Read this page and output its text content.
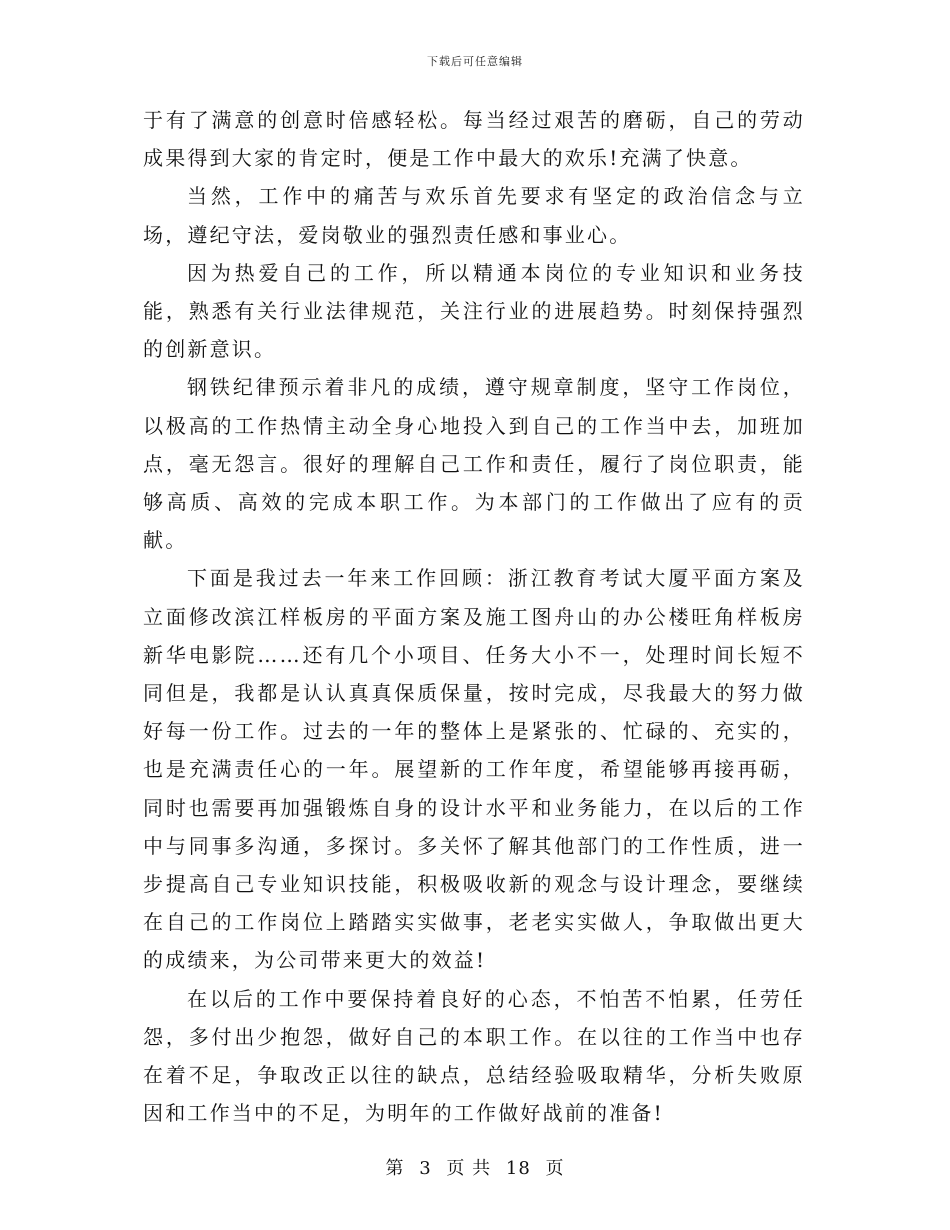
下载后可任意编辑

于有了满意的创意时倍感轻松。每当经过艰苦的磨砺，自己的劳动成果得到大家的肯定时，便是工作中最大的欢乐!充满了快意。

当然，工作中的痛苦与欢乐首先要求有坚定的政治信念与立场，遵纪守法，爱岗敬业的强烈责任感和事业心。

因为热爱自己的工作，所以精通本岗位的专业知识和业务技能，熟悉有关行业法律规范，关注行业的进展趋势。时刻保持强烈的创新意识。

钢铁纪律预示着非凡的成绩，遵守规章制度，坚守工作岗位，以极高的工作热情主动全身心地投入到自己的工作当中去，加班加点，毫无怨言。很好的理解自己工作和责任，履行了岗位职责，能够高质、高效的完成本职工作。为本部门的工作做出了应有的贡献。

下面是我过去一年来工作回顾：浙江教育考试大厦平面方案及立面修改滨江样板房的平面方案及施工图舟山的办公楼旺角样板房新华电影院……还有几个小项目、任务大小不一，处理时间长短不同但是，我都是认认真真保质保量，按时完成，尽我最大的努力做好每一份工作。过去的一年的整体上是紧张的、忙碌的、充实的，也是充满责任心的一年。展望新的工作年度，希望能够再接再砺，同时也需要再加强锻炼自身的设计水平和业务能力，在以后的工作中与同事多沟通，多探讨。多关怀了解其他部门的工作性质，进一步提高自己专业知识技能，积极吸收新的观念与设计理念，要继续在自己的工作岗位上踏踏实实做事，老老实实做人，争取做出更大的成绩来，为公司带来更大的效益!

在以后的工作中要保持着良好的心态，不怕苦不怕累，任劳任怨，多付出少抱怨，做好自己的本职工作。在以往的工作当中也存在着不足，争取改正以往的缺点，总结经验吸取精华，分析失败原因和工作当中的不足，为明年的工作做好战前的准备!

第 3 页 共 18 页
